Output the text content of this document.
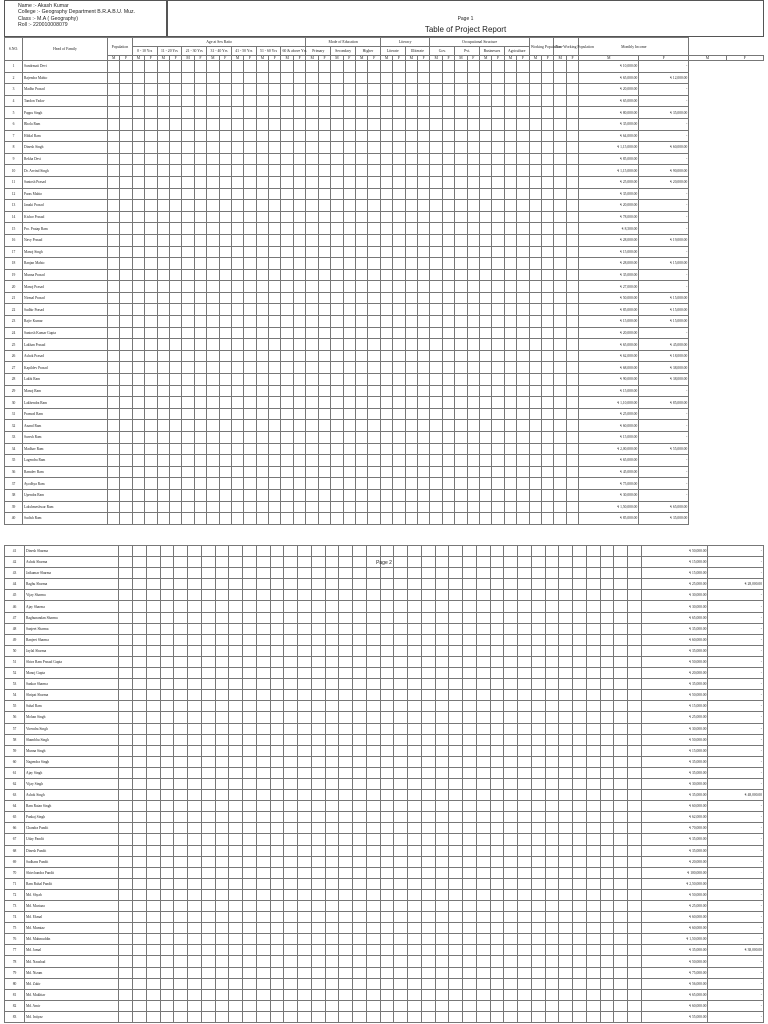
Name :- Akash Kumar
College :- Geography Department B.R.A.B.U. Muz.
Class :- M.A ( Geography)
Roll :- 220010008079
Page 1
Table of Project Report
S.NO.	Head of Family	Population		Age at Sex Ratio														Mode of Education						Literacy				Occupational Structure								Working Population		Non-Working Population		Monthly Income			
				0 - 10 Yrs		11 - 20 Yrs		21 - 30 Yrs		31 - 40 Yrs		41 - 50 Yrs		51 - 60 Yrs		60 & above Yrs		Primary		Secondary		Higher		Literate		Illiterate		Gov.		Pvt.		Businesses		Agriculture									
		M	F	M	F	M	F	M	F	M	F	M	F	M	F	M	F	M	F	M	F	M	F	M	F	M	F	M	F	M	F	M	F	M	F	M	F	M	F	M	F	M	F
1	Sundrmati Devi																																							₹ 10,000.00	-		
2	Rajendra Mahto																																							₹ 65,000.00	₹ 12,000.00		
3	Madho Prasad																																							₹ 20,000.00	-		
4	Tandon Yadav																																							₹ 65,000.00	-		
5	Pappu Singh																																							₹ 80,000.00	₹ 35,000.00		
6	Bhola Ram																																							₹ 35,000.00	-		
7	Hiblal Ram																																							₹ 64,000.00	-		
8	Dinesh Singh																																							₹ 1,15,000.00	₹ 60,000.00		
9	Rekha Devi																																							₹ 85,000.00	-		
10	Dr. Arvind Singh																																							₹ 1,15,000.00	₹ 90,000.00		
11	Santosh Prasad																																							₹ 25,000.00	₹ 20,000.00		
12	Paras Mahto																																							₹ 35,000.00	-		
13	Janaki Prasad																																							₹ 20,000.00	-		
14	Kishor Prasad																																							₹ 78,000.00	-		
15	Pro. Pratap Ram																																							₹ 8,500.00	-		
16	Navy Prasad																																							₹ 28,000.00	₹ 19,000.00		
17	Manoj Singh																																							₹ 15,000.00	-		
18	Ranjan Mahto																																							₹ 28,000.00	₹ 15,000.00		
19	Munna Prasad																																							₹ 35,000.00	-		
20	Manoj Prasad																																							₹ 27,000.00	-		
21	Nirmal Prasad																																							₹ 50,000.00	₹ 15,000.00		
22	Sudhir Prasad																																							₹ 85,000.00	₹ 15,000.00		
23	Rajiv Kumar																																							₹ 15,000.00	₹ 15,000.00		
24	Santosh Kumar Gupta																																							₹ 20,000.00	-		
25	Lakhan Prasad																																							₹ 65,000.00	₹ 45,000.00		
26	Ashok Prasad																																							₹ 62,000.00	₹ 18,000.00		
27	Kapildev Prasad																																							₹ 68,000.00	₹ 38,000.00		
28	Lakhi Ram																																							₹ 90,000.00	₹ 38,000.00		
29	Manoj Ram																																							₹ 15,000.00	-		
30	Lakhendra Ram																																							₹ 1,10,000.00	₹ 85,000.00		
31	Pramod Ram																																							₹ 25,000.00	-		
32	Anand Ram																																							₹ 60,000.00	-		
33	Suresh Ram																																							₹ 15,000.00	-		
34	Madhav Ram																																							₹ 2,00,000.00	₹ 55,000.00		
35	Lagendra Ram																																							₹ 65,000.00	-		
36	Ramdev Ram																																							₹ 45,000.00	-		
37	Ayodhya Ram																																							₹ 75,000.00	-		
38	Upendra Ram																																							₹ 30,000.00	-		
39	Lakshmeshwar Ram																																							₹ 1,50,000.00	₹ 65,000.00		
40	Sudish Ram																																							₹ 85,000.00	₹ 35,000.00		
41	Dinesh Sharma																																							₹ 50,000.00	-
42	Ashok Sharma																																							₹ 15,000.00	-
43	Jaikumar Sharma																																							₹ 15,000.00	-
44	Raghu Sharma																																							₹ 25,000.00	₹ 28,000.00
45	Vijay Sharma																																							₹ 30,000.00	-
46	Ajay Sharma																																							₹ 30,000.00	-
47	Raghunandan Sharma																																							₹ 65,000.00	-
48	Sanjeet Sharma																																							₹ 35,000.00	-
49	Ranjeet Sharma																																							₹ 60,000.00	-
50	Jaylal Sharma																																							₹ 35,000.00	-
51	Shiva Ram Prasad Gupta																																							₹ 50,000.00	-
52	Manoj Gupta																																							₹ 20,000.00	-
53	Sankar Sharma																																							₹ 35,000.00	-
54	Shripat Sharma																																							₹ 50,000.00	-
55	Sahal Ram																																							₹ 15,000.00	-
56	Mohan Singh																																							₹ 25,000.00	-
57	Virendra Singh																																							₹ 30,000.00	-
58	Shambhu Singh																																							₹ 50,000.00	-
59	Munna Singh																																							₹ 15,000.00	-
60	Nagendra Singh																																							₹ 35,000.00	-
61	Ajay Singh																																							₹ 35,000.00	-
62	Vijay Singh																																							₹ 30,000.00	-
63	Ashok Singh																																							₹ 35,000.00	₹ 48,000.00
64	Ram Ratan Singh																																							₹ 60,000.00	-
65	Pankaj Singh																																							₹ 62,000.00	-
66	Chandra Pandit																																							₹ 70,000.00	-
67	Uday Pandit																																							₹ 35,000.00	-
68	Dinesh Pandit																																							₹ 35,000.00	-
69	Sudhans Pandit																																							₹ 20,000.00	-
70	Shivchandra Pandit																																							₹ 100,000.00	-
71	Ram Bahal Pandit																																							₹ 2,50,000.00	-
72	Md. Shyab																																							₹ 50,000.00	-
73	Md. Murtaza																																							₹ 25,000.00	-
74	Md. Ekmal																																							₹ 60,000.00	-
75	Md. Mumtaz																																							₹ 60,000.00	-
76	Md. Mahmuddin																																							₹ 1,50,000.00	-
77	Md. Jamal																																							₹ 35,000.00	₹ 38,000.00
78	Md. Naushad																																							₹ 50,000.00	-
79	Md. Nizam																																							₹ 75,000.00	-
80	Md. Zakir																																							₹ 56,000.00	-
81	Md. Mukhtar																																							₹ 65,000.00	-
82	Md. Amir																																							₹ 60,000.00	-
83	Md. Intiyaz																																							₹ 55,000.00	-
Page 2
